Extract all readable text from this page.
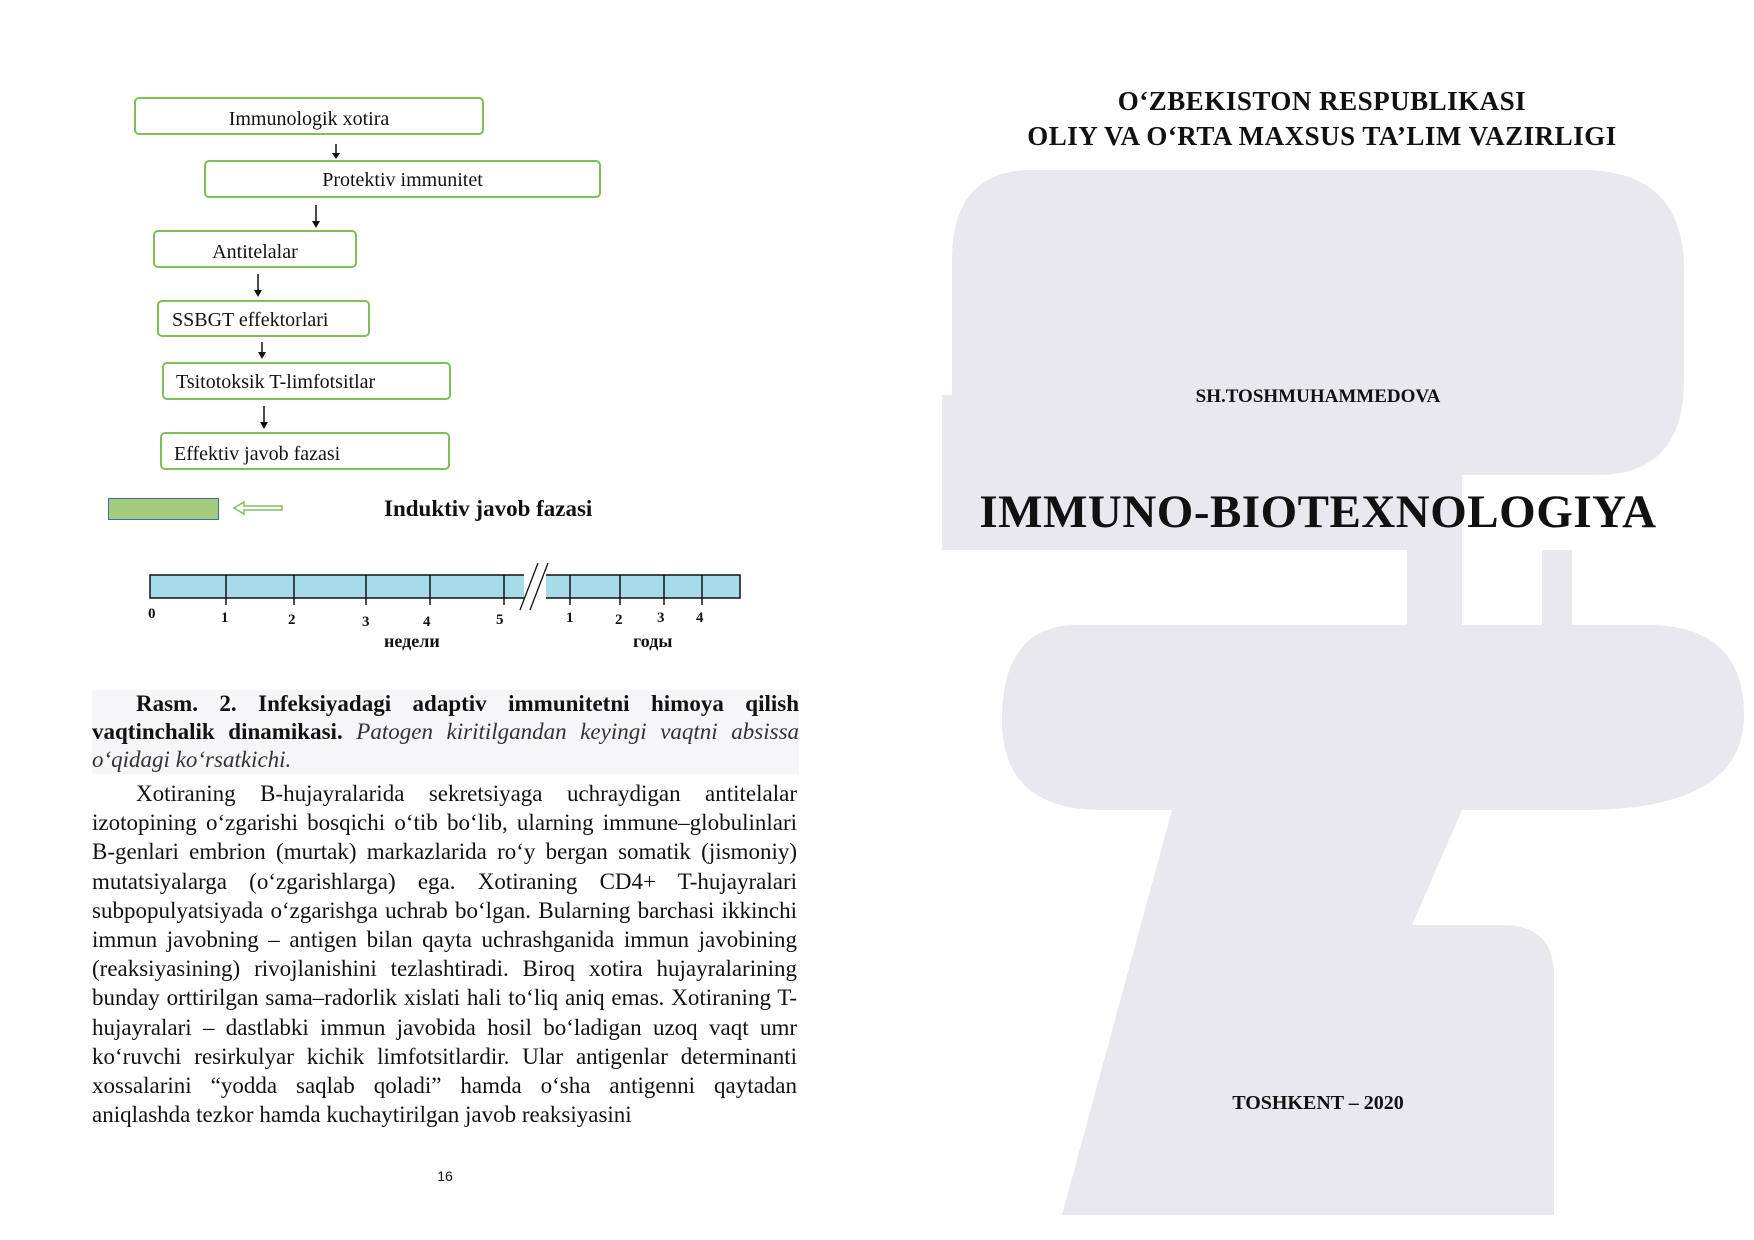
Immunologik xotira
Protektiv immunitet
Antitelalar
SSBGT effektorlari
Tsitotoksik T-limfotsitlar
Effektiv javob fazasi
Induktiv javob fazasi
0	1	2	3	4	5	1	2 3 4
недели	годы
Rasm. 2. Infeksiyadagi adaptiv immunitetni himoya qilish vaqtinchalik dinamikasi. Patogen kiritilgandan keyingi vaqtni absissa o‘qidagi ko‘rsatkichi.
Xotiraning B-hujayralarida sekretsiyaga uchraydigan antitelalar izotopining o‘zgarishi bosqichi o‘tib bo‘lib, ularning immune–globulinlari B-genlari embrion (murtak) markazlarida ro‘y bergan somatik (jismoniy) mutatsiyalarga (o‘zgarishlarga) ega. Xotiraning CD4+ T-hujayralari subpopulyatsiyada o‘zgarishga uchrab bo‘lgan. Bularning barchasi ikkinchi immun javobning – antigen bilan qayta uchrashganida immun javobining (reaksiyasining) rivojlanishini tezlashtiradi. Biroq xotira hujayralarining bunday orttirilgan sama–radorlik xislati hali to‘liq aniq emas. Xotiraning T-hujayralari – dastlabki immun javobida hosil bo‘ladigan uzoq vaqt umr ko‘ruvchi resirkulyar kichik limfotsitlardir. Ular antigenlar determinanti xossalarini “yodda saqlab qoladi” hamda o‘sha antigenni qaytadan aniqlashda tezkor hamda kuchaytirilgan javob reaksiyasini
16
O‘ZBEKISTON RESPUBLIKASI
OLIY VA O‘RTA MAXSUS TA’LIM VAZIRLIGI
SH.TOSHMUHAMMEDOVA
IMMUNO-BIOTEXNOLOGIYA
TOSHKENT – 2020
